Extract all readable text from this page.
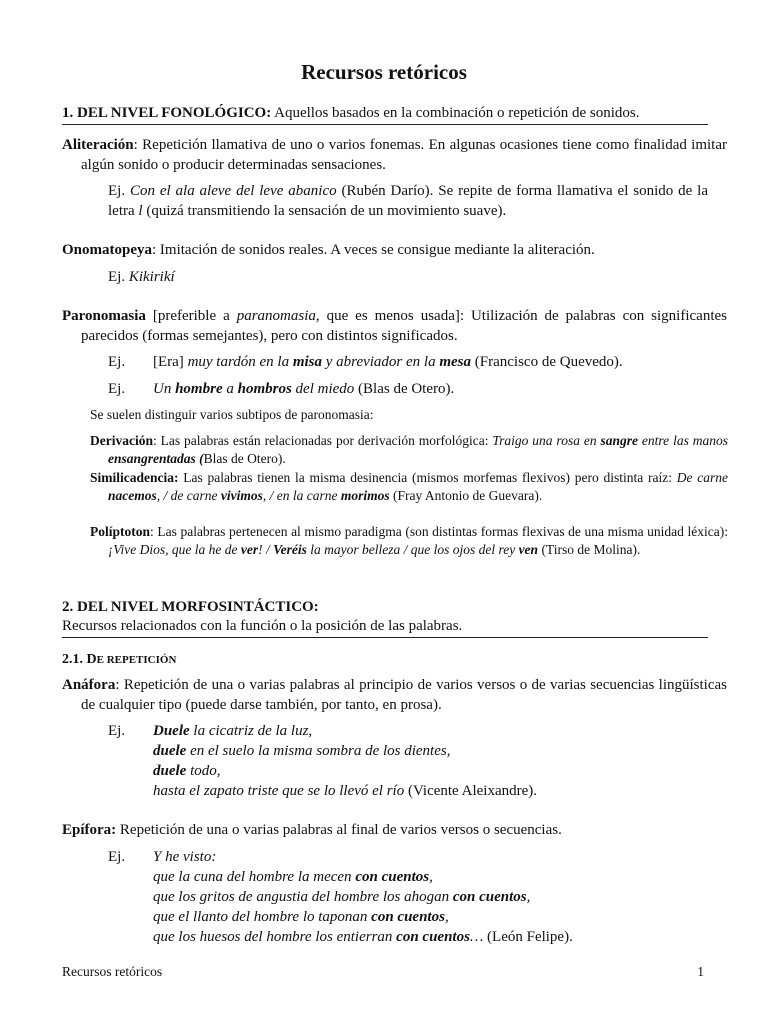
Recursos retóricos
1. DEL NIVEL FONOLÓGICO: Aquellos basados en la combinación o repetición de sonidos.
Aliteración: Repetición llamativa de uno o varios fonemas. En algunas ocasiones tiene como finalidad imitar algún sonido o producir determinadas sensaciones.
Ej. Con el ala aleve del leve abanico (Rubén Darío). Se repite de forma llamativa el sonido de la letra l (quizá transmitiendo la sensación de un movimiento suave).
Onomatopeya: Imitación de sonidos reales. A veces se consigue mediante la aliteración.
Ej. Kikirikí
Paronomasia [preferible a paranomasia, que es menos usada]: Utilización de palabras con significantes parecidos (formas semejantes), pero con distintos significados.
Ej. [Era] muy tardón en la misa y abreviador en la mesa (Francisco de Quevedo).
Ej. Un hombre a hombros del miedo (Blas de Otero).
Se suelen distinguir varios subtipos de paronomasia:
Derivación: Las palabras están relacionadas por derivación morfológica: Traigo una rosa en sangre entre las manos ensangrentadas (Blas de Otero).
Similicadencia: Las palabras tienen la misma desinencia (mismos morfemas flexivos) pero distinta raíz: De carne nacemos, / de carne vivimos, / en la carne morimos (Fray Antonio de Guevara).
Políptoton: Las palabras pertenecen al mismo paradigma (son distintas formas flexivas de una misma unidad léxica): ¡Vive Dios, que la he de ver! / Veréis la mayor belleza / que los ojos del rey ven (Tirso de Molina).
2. DEL NIVEL MORFOSINTÁCTICO:
Recursos relacionados con la función o la posición de las palabras.
2.1. DE REPETICIÓN
Anáfora: Repetición de una o varias palabras al principio de varios versos o de varias secuencias lingüísticas de cualquier tipo (puede darse también, por tanto, en prosa).
Ej. Duele la cicatriz de la luz,
duele en el suelo la misma sombra de los dientes,
duele todo,
hasta el zapato triste que se lo llevó el río (Vicente Aleixandre).
Epífora: Repetición de una o varias palabras al final de varios versos o secuencias.
Ej. Y he visto:
que la cuna del hombre la mecen con cuentos,
que los gritos de angustia del hombre los ahogan con cuentos,
que el llanto del hombre lo taponan con cuentos,
que los huesos del hombre los entierran con cuentos… (León Felipe).
Recursos retóricos	1
